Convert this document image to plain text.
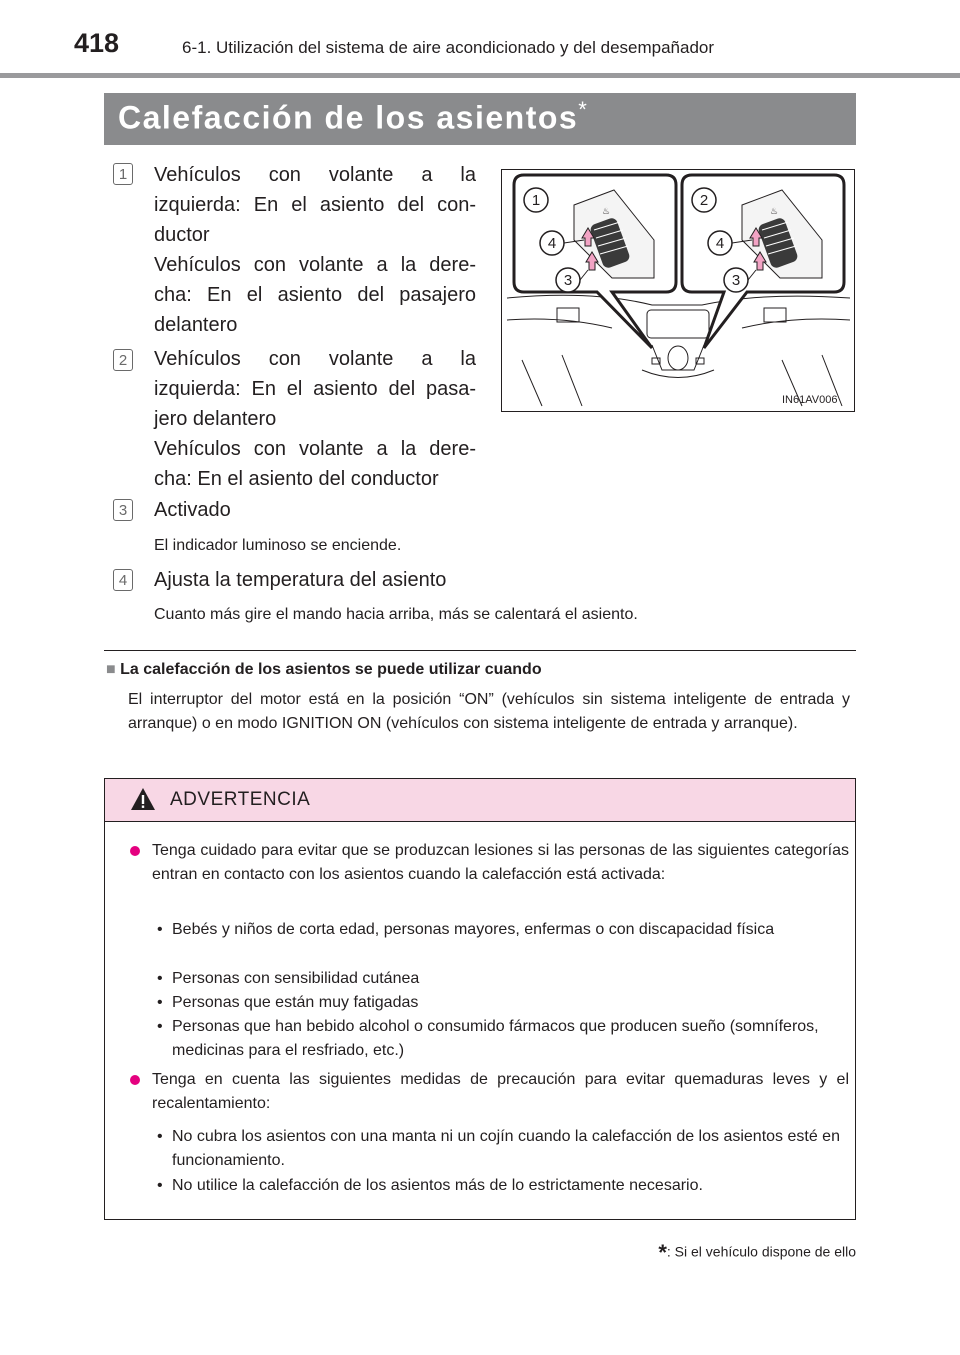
418	6-1. Utilización del sistema de aire acondicionado y del desempañador
Calefacción de los asientos*
1 Vehículos con volante a la izquierda: En el asiento del con-ductor

Vehículos con volante a la dere-cha: En el asiento del pasajero delantero

2 Vehículos con volante a la izquierda: En el asiento del pasa-jero delantero

Vehículos con volante a la dere-cha: En el asiento del conductor

3 Activado
El indicador luminoso se enciende.
4 Ajusta la temperatura del asiento
Cuanto más gire el mando hacia arriba, más se calentará el asiento.
♨	♨
1
4
3
2
4
3
IN61AV006
■ La calefacción de los asientos se puede utilizar cuando
El interruptor del motor está en la posición “ON” (vehículos sin sistema inteligente de entrada y arranque) o en modo IGNITION ON (vehículos con sistema inteligente de entrada y arranque).
ADVERTENCIA
Tenga cuidado para evitar que se produzcan lesiones si las personas de las siguientes categorías entran en contacto con los asientos cuando la calefacción está activada:
• Bebés y niños de corta edad, personas mayores, enfermas o con discapacidad física
• Personas con sensibilidad cutánea
• Personas que están muy fatigadas
• Personas que han bebido alcohol o consumido fármacos que producen sueño (somníferos, medicinas para el resfriado, etc.)
Tenga en cuenta las siguientes medidas de precaución para evitar quemaduras leves y el recalentamiento:
• No cubra los asientos con una manta ni un cojín cuando la calefacción de los asientos esté en funcionamiento.
• No utilice la calefacción de los asientos más de lo estrictamente necesario.
*: Si el vehículo dispone de ello
